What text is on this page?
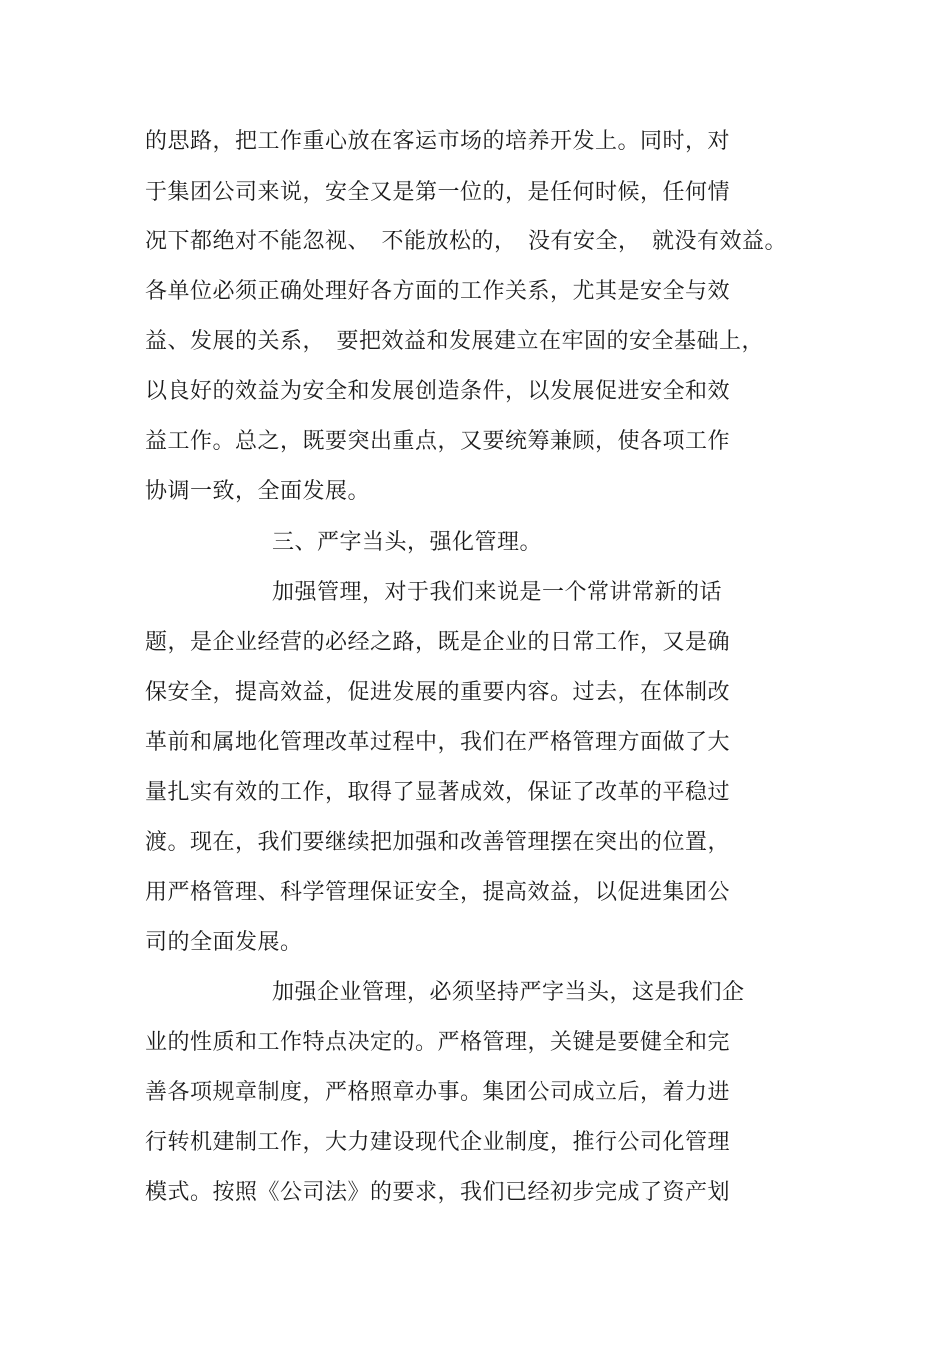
的思路，把工作重心放在客运市场的培养开发上。同时，对
于集团公司来说，安全又是第一位的，是任何时候，任何情
况下都绝对不能忽视、　不能放松的，　没有安全，　就没有效益。
各单位必须正确处理好各方面的工作关系，尤其是安全与效
益、发展的关系，　要把效益和发展建立在牢固的安全基础上，
以良好的效益为安全和发展创造条件，以发展促进安全和效
益工作。总之，既要突出重点，又要统筹兼顾，使各项工作
协调一致，全面发展。
三、严字当头，强化管理。
加强管理，对于我们来说是一个常讲常新的话
题，是企业经营的必经之路，既是企业的日常工作，又是确
保安全，提高效益，促进发展的重要内容。过去，在体制改
革前和属地化管理改革过程中，我们在严格管理方面做了大
量扎实有效的工作，取得了显著成效，保证了改革的平稳过
渡。现在，我们要继续把加强和改善管理摆在突出的位置，
用严格管理、科学管理保证安全，提高效益，以促进集团公
司的全面发展。
加强企业管理，必须坚持严字当头，这是我们企
业的性质和工作特点决定的。严格管理，关键是要健全和完
善各项规章制度，严格照章办事。集团公司成立后，着力进
行转机建制工作，大力建设现代企业制度，推行公司化管理
模式。按照《公司法》的要求，我们已经初步完成了资产划
